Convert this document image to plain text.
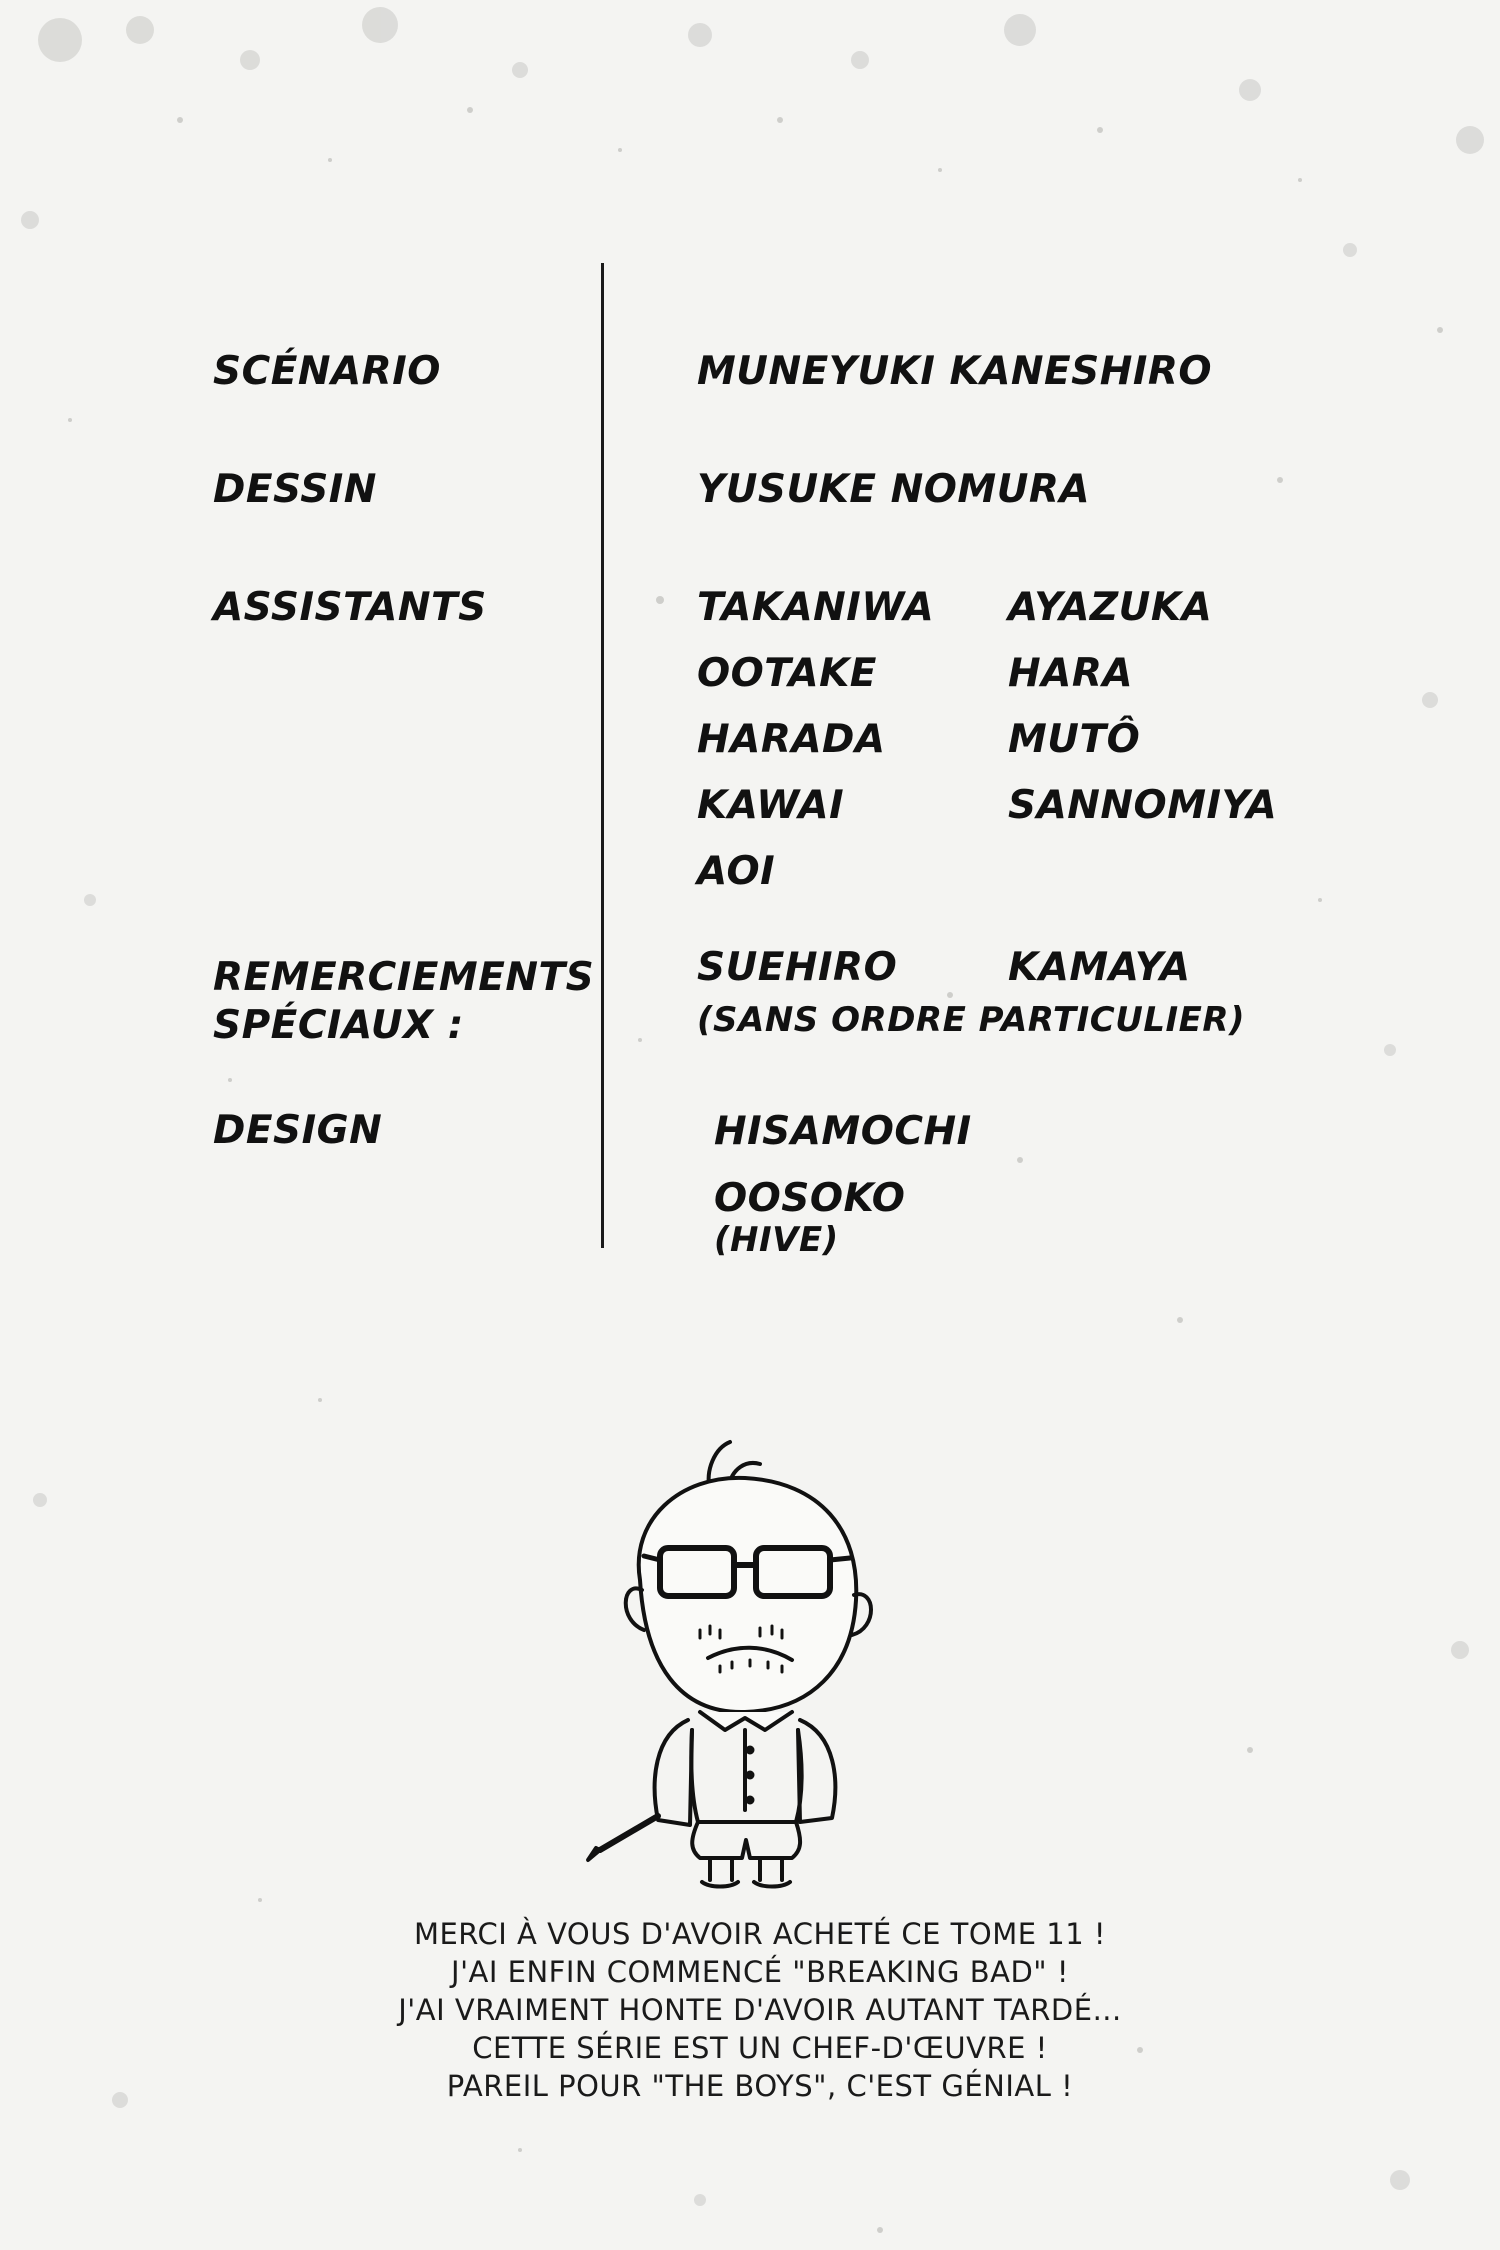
SCÉNARIO
DESSIN
ASSISTANTS
REMERCIEMENTS
SPÉCIAUX :
DESIGN
MUNEYUKI KANESHIRO
YUSUKE NOMURA
TAKANIWA
OOTAKE
HARADA
KAWAI
AOI
AYAZUKA
HARA
MUTÔ
SANNOMIYA
SUEHIRO	KAMAYA
(SANS ORDRE PARTICULIER)
HISAMOCHI
OOSOKO
(HIVE)
MERCI À VOUS D'AVOIR ACHETÉ CE TOME 11 !
J'AI ENFIN COMMENCÉ "BREAKING BAD" !
J'AI VRAIMENT HONTE D'AVOIR AUTANT TARDÉ...
CETTE SÉRIE EST UN CHEF-D'ŒUVRE !
PAREIL POUR "THE BOYS", C'EST GÉNIAL !
